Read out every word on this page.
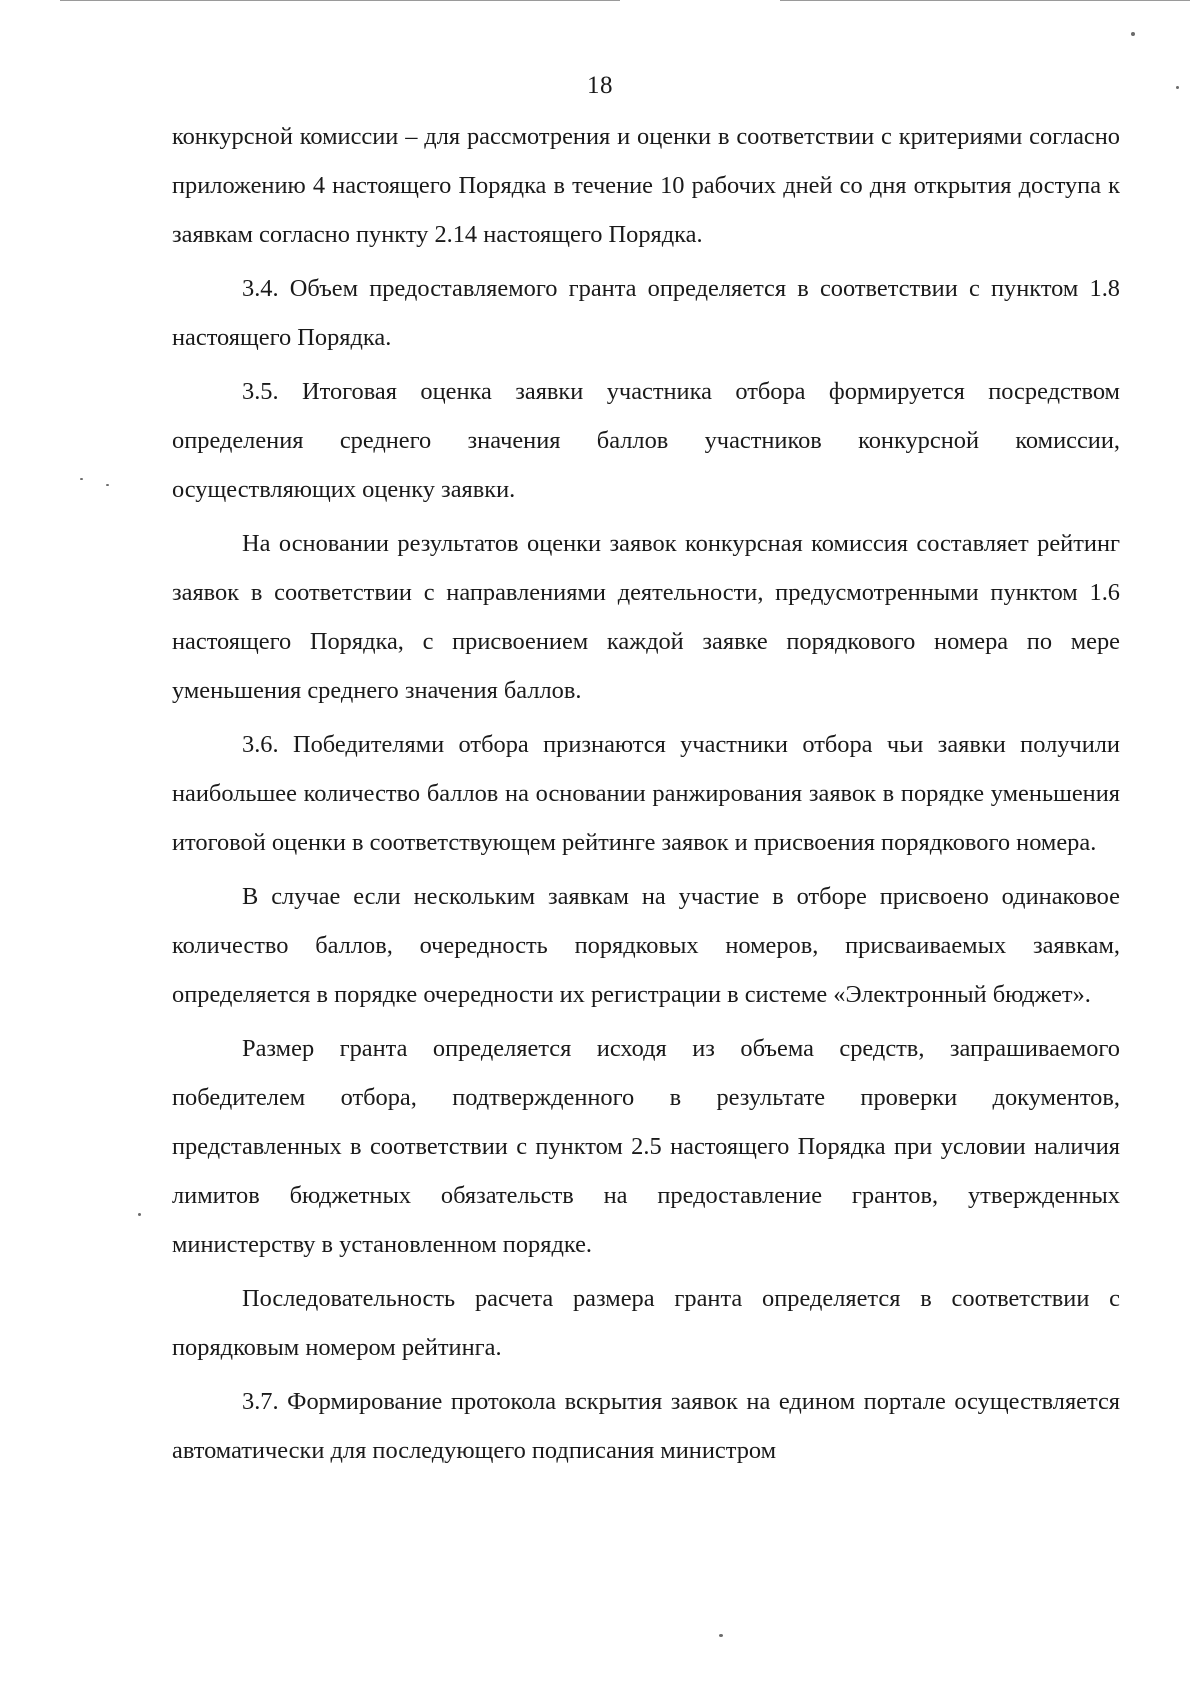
18

конкурсной комиссии – для рассмотрения и оценки в соответствии с критериями согласно приложению 4 настоящего Порядка в течение 10 рабочих дней со дня открытия доступа к заявкам согласно пункту 2.14 настоящего Порядка.

3.4. Объем предоставляемого гранта определяется в соответствии с пунктом 1.8 настоящего Порядка.

3.5. Итоговая оценка заявки участника отбора формируется посредством определения среднего значения баллов участников конкурсной комиссии, осуществляющих оценку заявки.

На основании результатов оценки заявок конкурсная комиссия составляет рейтинг заявок в соответствии с направлениями деятельности, предусмотренными пунктом 1.6 настоящего Порядка, с присвоением каждой заявке порядкового номера по мере уменьшения среднего значения баллов.

3.6. Победителями отбора признаются участники отбора чьи заявки получили наибольшее количество баллов на основании ранжирования заявок в порядке уменьшения итоговой оценки в соответствующем рейтинге заявок и присвоения порядкового номера.

В случае если нескольким заявкам на участие в отборе присвоено одинаковое количество баллов, очередность порядковых номеров, присваиваемых заявкам, определяется в порядке очередности их регистрации в системе «Электронный бюджет».

Размер гранта определяется исходя из объема средств, запрашиваемого победителем отбора, подтвержденного в результате проверки документов, представленных в соответствии с пунктом 2.5 настоящего Порядка при условии наличия лимитов бюджетных обязательств на предоставление грантов, утвержденных министерству в установленном порядке.

Последовательность расчета размера гранта определяется в соответствии с порядковым номером рейтинга.

3.7. Формирование протокола вскрытия заявок на едином портале осуществляется автоматически для последующего подписания министром
